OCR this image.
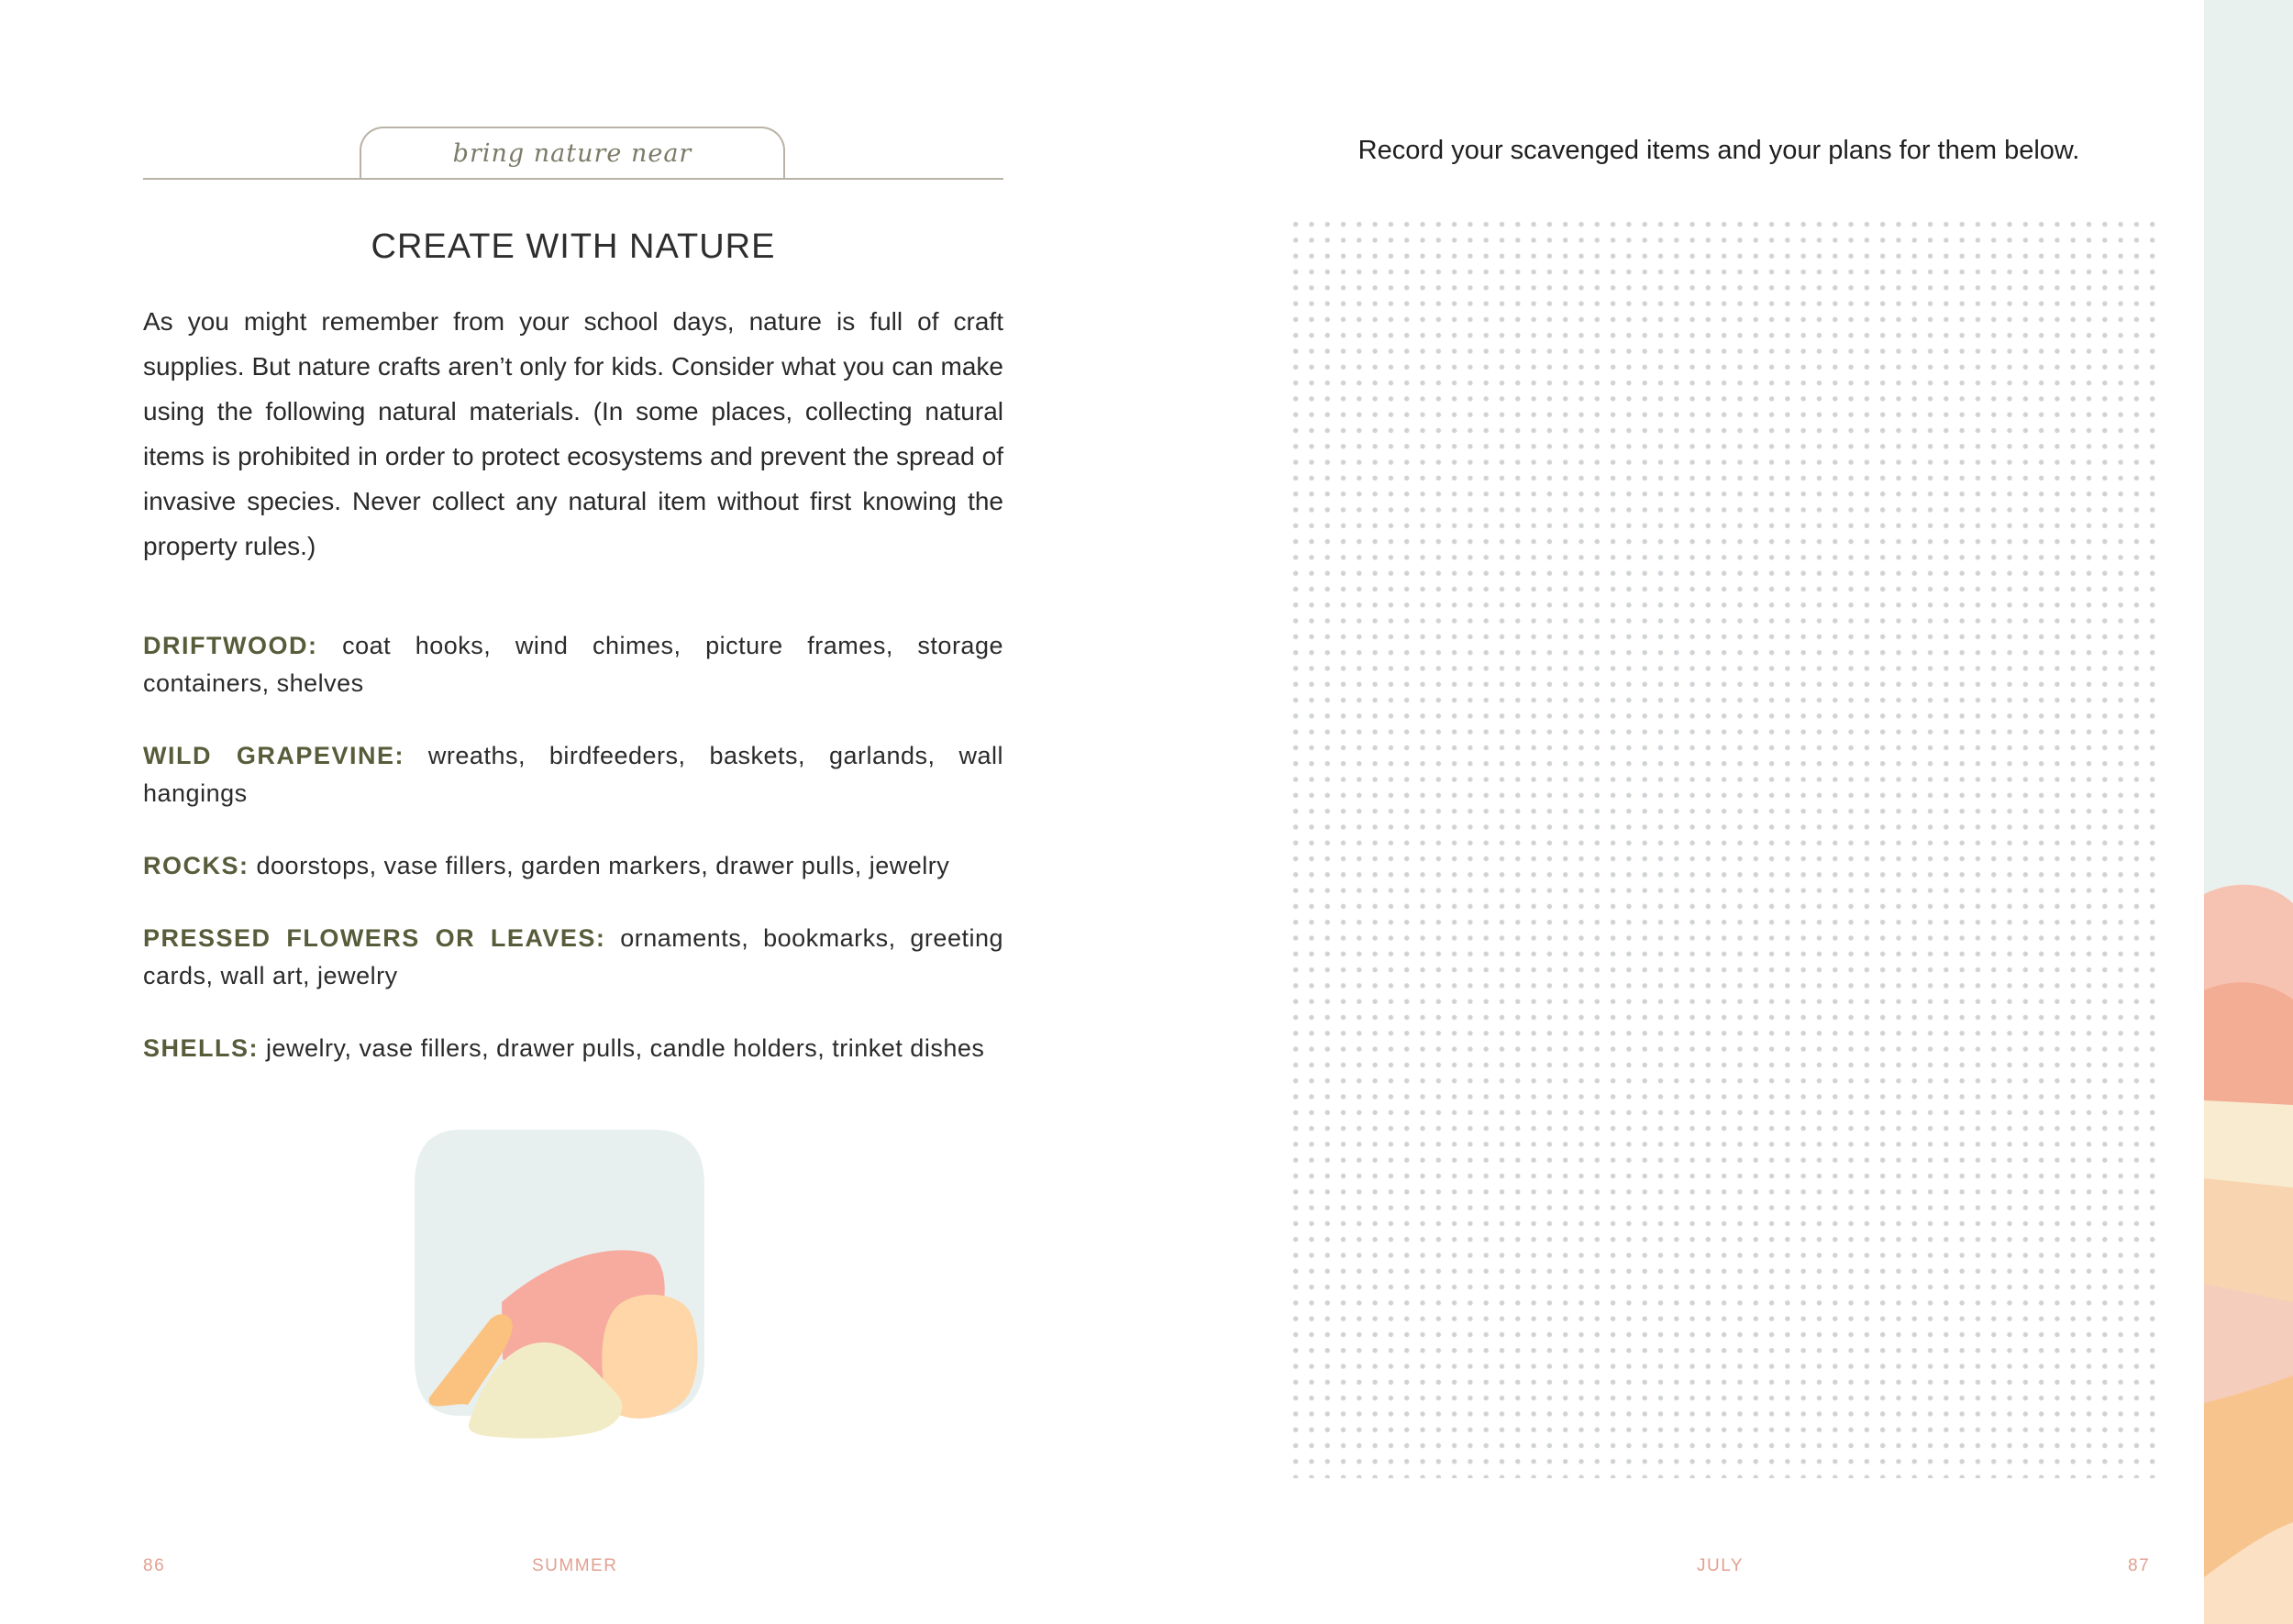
bring nature near
CREATE WITH NATURE

As you might remember from your school days, nature is full of craft supplies. But nature crafts aren’t only for kids. Consider what you can make using the following natural materials. (In some places, collecting natural items is prohibited in order to protect ecosystems and prevent the spread of invasive species. Never collect any natural item without first knowing the property rules.)

DRIFTWOOD: coat hooks, wind chimes, picture frames, storage containers, shelves

WILD GRAPEVINE: wreaths, birdfeeders, baskets, garlands, wall hangings

ROCKS: doorstops, vase fillers, garden markers, drawer pulls, jewelry

PRESSED FLOWERS OR LEAVES: ornaments, bookmarks, greeting cards, wall art, jewelry

SHELLS: jewelry, vase fillers, drawer pulls, candle holders, trinket dishes

86	SUMMER

Record your scavenged items and your plans for them below.

JULY	87
